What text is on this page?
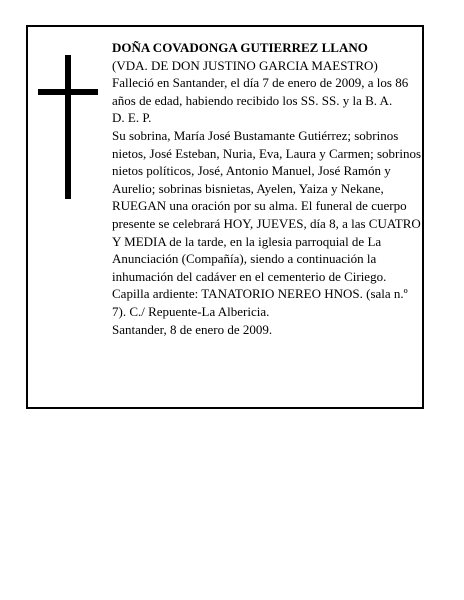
DOÑA COVADONGA GUTIERREZ LLANO

(VDA. DE DON JUSTINO GARCIA MAESTRO)

Falleció en Santander, el día 7 de enero de 2009, a los 86 años de edad, habiendo recibido los SS. SS. y la B. A.

D. E. P.

Su sobrina, María José Bustamante Gutiérrez; sobrinos nietos, José Esteban, Nuria, Eva, Laura y Carmen; sobrinos nietos políticos, José, Antonio Manuel, José Ramón y Aurelio; sobrinas bisnietas, Ayelen, Yaiza y Nekane,

RUEGAN una oración por su alma. El funeral de cuerpo presente se celebrará HOY, JUEVES, día 8, a las CUATRO Y MEDIA de la tarde, en la iglesia parroquial de La Anunciación (Compañía), siendo a continuación la inhumación del cadáver en el cementerio de Ciriego. Capilla ardiente: TANATORIO NEREO HNOS. (sala n.º 7). C./ Repuente-La Albericia.

Santander, 8 de enero de 2009.
